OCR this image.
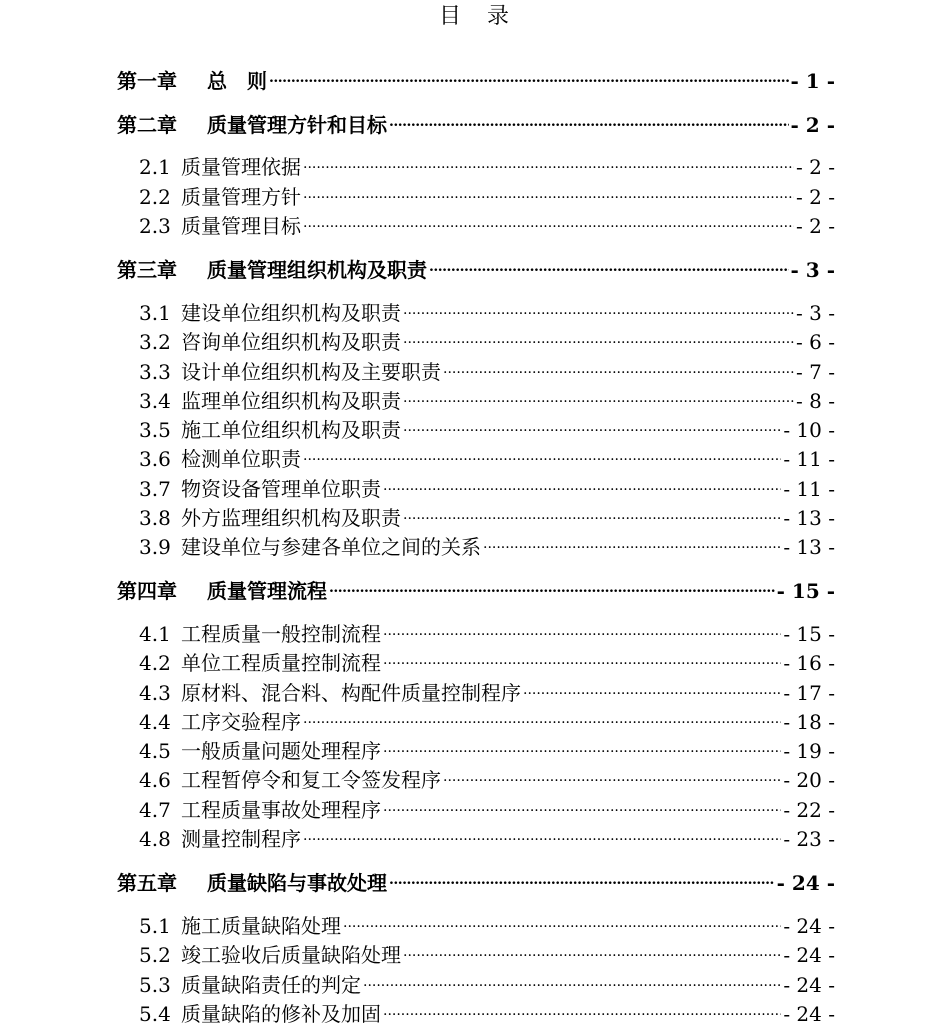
目　录
第一章	总　则 .....	- 1 -
第二章	质量管理方针和目标 .....	- 2 -
2.1 质量管理依据 .....	- 2 -
2.2 质量管理方针 .....	- 2 -
2.3 质量管理目标 .....	- 2 -
第三章	质量管理组织机构及职责 .....	- 3 -
3.1 建设单位组织机构及职责 .....	- 3 -
3.2 咨询单位组织机构及职责 .....	- 6 -
3.3 设计单位组织机构及主要职责 .....	- 7 -
3.4 监理单位组织机构及职责 .....	- 8 -
3.5 施工单位组织机构及职责 .....	- 10 -
3.6 检测单位职责 .....	- 11 -
3.7 物资设备管理单位职责 .....	- 11 -
3.8 外方监理组织机构及职责 .....	- 13 -
3.9 建设单位与参建各单位之间的关系 .....	- 13 -
第四章	质量管理流程 .....	- 15 -
4.1 工程质量一般控制流程 .....	- 15 -
4.2 单位工程质量控制流程 .....	- 16 -
4.3 原材料、混合料、构配件质量控制程序 .....	- 17 -
4.4 工序交验程序 .....	- 18 -
4.5 一般质量问题处理程序 .....	- 19 -
4.6 工程暂停令和复工令签发程序 .....	- 20 -
4.7 工程质量事故处理程序 .....	- 22 -
4.8 测量控制程序 .....	- 23 -
第五章	质量缺陷与事故处理 .....	- 24 -
5.1 施工质量缺陷处理 .....	- 24 -
5.2 竣工验收后质量缺陷处理 .....	- 24 -
5.3 质量缺陷责任的判定 .....	- 24 -
5.4 质量缺陷的修补及加固 .....	- 24 -
